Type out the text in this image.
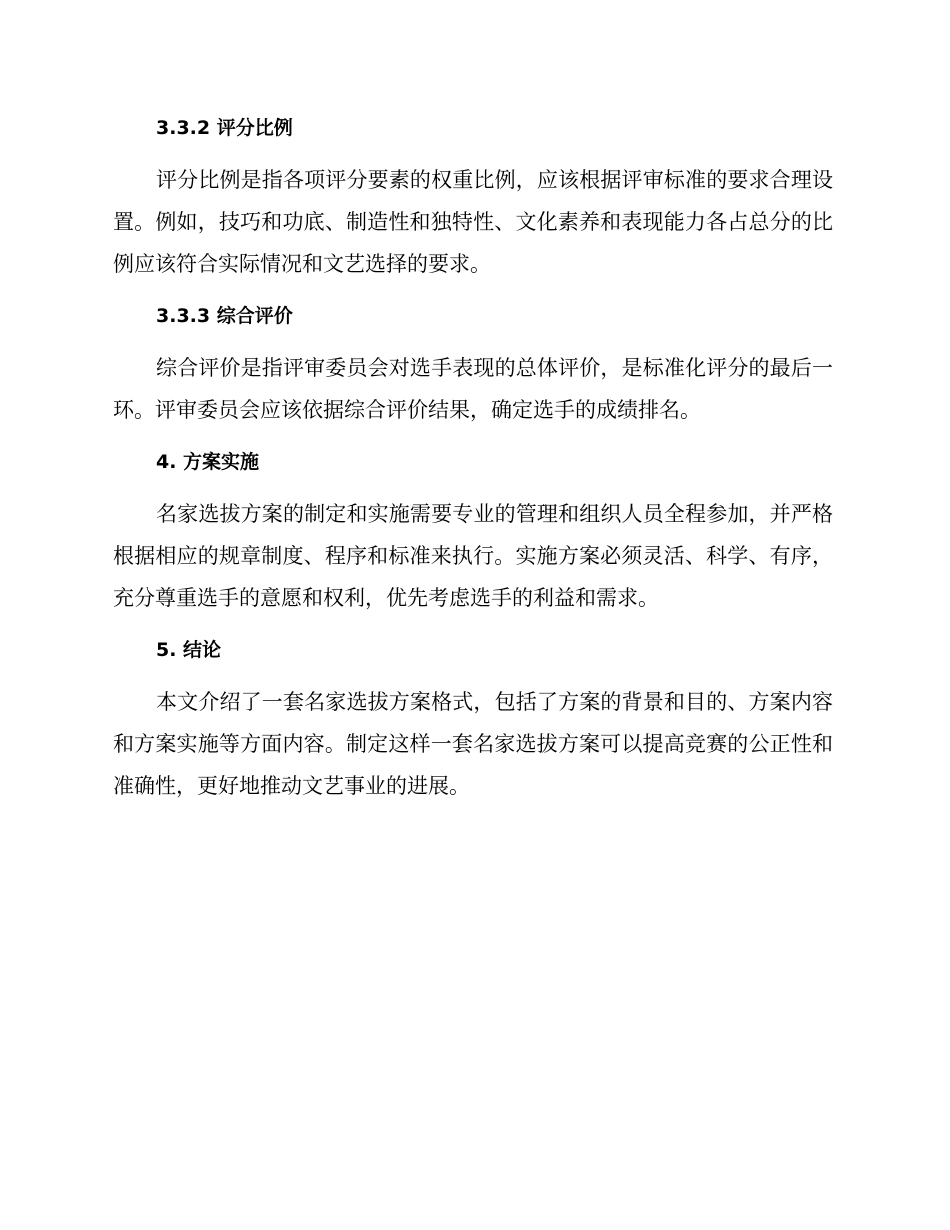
3.3.2 评分比例

评分比例是指各项评分要素的权重比例，应该根据评审标准的要求合理设置。例如，技巧和功底、制造性和独特性、文化素养和表现能力各占总分的比例应该符合实际情况和文艺选择的要求。

3.3.3 综合评价

综合评价是指评审委员会对选手表现的总体评价，是标准化评分的最后一环。评审委员会应该依据综合评价结果，确定选手的成绩排名。

4. 方案实施

名家选拔方案的制定和实施需要专业的管理和组织人员全程参加，并严格根据相应的规章制度、程序和标准来执行。实施方案必须灵活、科学、有序，充分尊重选手的意愿和权利，优先考虑选手的利益和需求。

5. 结论

本文介绍了一套名家选拔方案格式，包括了方案的背景和目的、方案内容和方案实施等方面内容。制定这样一套名家选拔方案可以提高竞赛的公正性和准确性，更好地推动文艺事业的进展。
